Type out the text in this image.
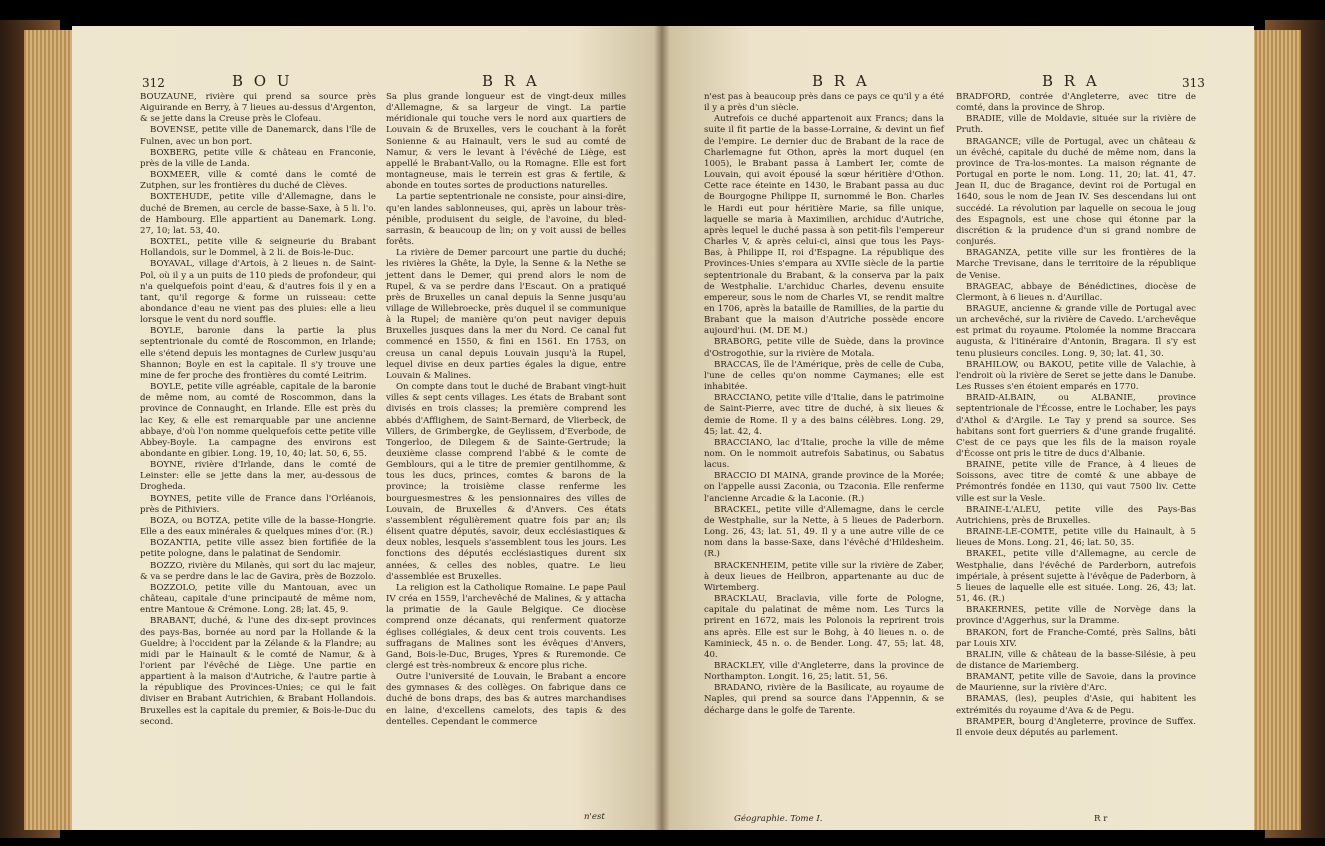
312	B O U	B R A

BOUZAUNE, rivière qui prend sa source près Aiguirande en Berry, à 7 lieues au-dessus d'Argenton, & se jette dans la Creuse près le Clofeau.

BOVENSE, petite ville de Danemarck, dans l'île de Fulnen, avec un bon port.

BOXBERG, petite ville & château en Franconie, près de la ville de Landa.

BOXMEER, ville & comté dans le comté de Zutphen, sur les frontières du duché de Clèves.

BOXTEHUDE, petite ville d'Allemagne, dans le duché de Bremen, au cercle de basse-Saxe, à 5 li. l'o. de Hambourg. Elle appartient au Danemark. Long. 27, 10; lat. 53, 40.

BOXTEL, petite ville & seigneurie du Brabant Hollandois, sur le Dommel, à 2 li. de Bois-le-Duc.

BOYAVAL, village d'Artois, à 2 lieues n. de Saint-Pol, où il y a un puits de 110 pieds de profondeur, qui n'a quelquefois point d'eau, & d'autres fois il y en a tant, qu'il regorge & forme un ruisseau: cette abondance d'eau ne vient pas des pluies: elle a lieu lorsque le vent du nord souffle.

BOYLE, baronie dans la partie la plus septentrionale du comté de Roscommon, en Irlande; elle s'étend depuis les montagnes de Curlew jusqu'au Shannon; Boyle en est la capitale. Il s'y trouve une mine de fer proche des frontières du comté Leitrim.

BOYLE, petite ville agréable, capitale de la baronie de même nom, au comté de Roscommon, dans la province de Connaught, en Irlande. Elle est près du lac Key, & elle est remarquable par une ancienne abbaye, d'où l'on nomme quelquefois cette petite ville Abbey-Boyle. La campagne des environs est abondante en gibier. Long. 19, 10, 40; lat. 50, 6, 55.

BOYNE, rivière d'Irlande, dans le comté de Leinster: elle se jette dans la mer, au-dessous de Drogheda.

BOYNES, petite ville de France dans l'Orléanois, près de Pithiviers.

BOZA, ou BOTZA, petite ville de la basse-Hongrie. Elle a des eaux minérales & quelques mines d'or. (R.)

BOZANTIA, petite ville assez bien fortifiée de la petite pologne, dans le palatinat de Sendomir.

BOZZO, rivière du Milanès, qui sort du lac majeur, & va se perdre dans le lac de Gavira, près de Bozzolo.

BOZZOLO, petite ville du Mantouan, avec un château, capitale d'une principauté de même nom, entre Mantoue & Crémone. Long. 28; lat. 45, 9.

BRABANT, duché, & l'une des dix-sept provinces des pays-Bas, bornée au nord par la Hollande & la Gueldre; à l'occident par la Zélande & la Flandre; au midi par le Hainault & le comté de Namur, & à l'orient par l'évêché de Liège. Une partie en appartient à la maison d'Autriche, & l'autre partie à la république des Provinces-Unies; ce qui le fait diviser en Brabant Autrichien, & Brabant Hollandois. Bruxelles est la capitale du premier, & Bois-le-Duc du second.

Sa plus grande longueur est de vingt-deux milles d'Allemagne, & sa largeur de vingt. La partie méridionale qui touche vers le nord aux quartiers de Louvain & de Bruxelles, vers le couchant à la forêt Sonienne & au Hainault, vers le sud au comté de Namur, & vers le levant à l'évêché de Liège, est appellé le Brabant-Vallo, ou la Romagne. Elle est fort montagneuse, mais le terrein est gras & fertile, & abonde en toutes sortes de productions naturelles.

La partie septentrionale ne consiste, pour ainsi-dire, qu'en landes sablonneuses, qui, après un labour très-pénible, produisent du seigle, de l'avoine, du bled-sarrasin, & beaucoup de lin; on y voit aussi de belles forêts.

La rivière de Demer parcourt une partie du duché; les rivières la Ghête, la Dyle, la Senne & la Nethe se jettent dans le Demer, qui prend alors le nom de Rupel, & va se perdre dans l'Escaut. On a pratiqué près de Bruxelles un canal depuis la Senne jusqu'au village de Willebroecke, près duquel il se communique à la Rupel; de manière qu'on peut naviger depuis Bruxelles jusques dans la mer du Nord. Ce canal fut commencé en 1550, & fini en 1561. En 1753, on creusa un canal depuis Louvain jusqu'à la Rupel, lequel divise en deux parties égales la digue, entre Louvain & Malines.

On compte dans tout le duché de Brabant vingt-huit villes & sept cents villages. Les états de Brabant sont divisés en trois classes; la première comprend les abbés d'Afflighem, de Saint-Bernard, de Vlierbeck, de Villers, de Grimbergke, de Geylissem, d'Everbode, de Tongerloo, de Dilegem & de Sainte-Gertrude; la deuxième classe comprend l'abbé & le comte de Gemblours, qui a le titre de premier gentilhomme, & tous les ducs, princes, comtes & barons de la province; la troisième classe renferme les bourguesmestres & les pensionnaires des villes de Louvain, de Bruxelles & d'Anvers. Ces états s'assemblent régulièrement quatre fois par an; ils élisent quatre députés, savoir, deux ecclésiastiques & deux nobles, lesquels s'assemblent tous les jours. Les fonctions des députés ecclésiastiques durent six années, & celles des nobles, quatre. Le lieu d'assemblée est Bruxelles.

La religion est la Catholique Romaine. Le pape Paul IV créa en 1559, l'archevêché de Malines, & y attacha la primatie de la Gaule Belgique. Ce diocèse comprend onze décanats, qui renferment quatorze églises collégiales, & deux cent trois couvents. Les suffragans de Malines sont les évêques d'Anvers, Gand, Bois-le-Duc, Bruges, Ypres & Ruremonde. Ce clergé est très-nombreux & encore plus riche.

Outre l'université de Louvain, le Brabant a encore des gymnases & des collèges. On fabrique dans ce duché de bons draps, des bas & autres marchandises en laine, d'excellens camelots, des tapis & des dentelles. Cependant le commerce

n'est
B R A	B R A	313

n'est pas à beaucoup près dans ce pays ce qu'il y a été il y a près d'un siècle.

Autrefois ce duché appartenoit aux Francs; dans la suite il fit partie de la basse-Lorraine, & devint un fief de l'empire. Le dernier duc de Brabant de la race de Charlemagne fut Othon, après la mort duquel (en 1005), le Brabant passa à Lambert Ier, comte de Louvain, qui avoit épousé la sœur héritière d'Othon. Cette race éteinte en 1430, le Brabant passa au duc de Bourgogne Philippe II, surnommé le Bon. Charles le Hardi eut pour héritière Marie, sa fille unique, laquelle se maria à Maximilien, archiduc d'Autriche, après lequel le duché passa à son petit-fils l'empereur Charles V, & après celui-ci, ainsi que tous les Pays-Bas, à Philippe II, roi d'Espagne. La république des Provinces-Unies s'empara au XVIIe siècle de la partie septentrionale du Brabant, & la conserva par la paix de Westphalie. L'archiduc Charles, devenu ensuite empereur, sous le nom de Charles VI, se rendit maître en 1706, après la bataille de Ramillies, de la partie du Brabant que la maison d'Autriche possède encore aujourd'hui. (M. DE M.)

BRABORG, petite ville de Suède, dans la province d'Ostrogothie, sur la rivière de Motala.

BRACCAS, île de l'Amérique, près de celle de Cuba, l'une de celles qu'on nomme Caymanes; elle est inhabitée.

BRACCIANO, petite ville d'Italie, dans le patrimoine de Saint-Pierre, avec titre de duché, à six lieues & demie de Rome. Il y a des bains célèbres. Long. 29, 45; lat. 42, 4.

BRACCIANO, lac d'Italie, proche la ville de même nom. On le nommoit autrefois Sabatinus, ou Sabatus lacus.

BRACCIO DI MAINA, grande province de la Morée; on l'appelle aussi Zaconia, ou Tzaconia. Elle renferme l'ancienne Arcadie & la Laconie. (R.)

BRACKEL, petite ville d'Allemagne, dans le cercle de Westphalie, sur la Nette, à 5 lieues de Paderborn. Long. 26, 43; lat. 51, 49. Il y a une autre ville de ce nom dans la basse-Saxe, dans l'évêché d'Hildesheim. (R.)

BRACKENHEIM, petite ville sur la rivière de Zaber, à deux lieues de Heilbron, appartenante au duc de Wirtemberg.

BRACKLAU, Braclavia, ville forte de Pologne, capitale du palatinat de même nom. Les Turcs la prirent en 1672, mais les Polonois la reprirent trois ans après. Elle est sur le Bohg, à 40 lieues n. o. de Kaminieck, 45 n. o. de Bender. Long. 47, 55; lat. 48, 40.

BRACKLEY, ville d'Angleterre, dans la province de Northampton. Longit. 16, 25; latit. 51, 56.

BRADANO, rivière de la Basilicate, au royaume de Naples, qui prend sa source dans l'Appennin, & se décharge dans le golfe de Tarente.

BRADFORD, contrée d'Angleterre, avec titre de comté, dans la province de Shrop.

BRADIE, ville de Moldavie, située sur la rivière de Pruth.

BRAGANCE; ville de Portugal, avec un château & un évêché, capitale du duché de même nom, dans la province de Tra-los-montes. La maison régnante de Portugal en porte le nom. Long. 11, 20; lat. 41, 47. Jean II, duc de Bragance, devint roi de Portugal en 1640, sous le nom de Jean IV. Ses descendans lui ont succédé. La révolution par laquelle on secoua le joug des Espagnols, est une chose qui étonne par la discrétion & la prudence d'un si grand nombre de conjurés.

BRAGANZA, petite ville sur les frontières de la Marche Trevisane, dans le territoire de la république de Venise.

BRAGEAC, abbaye de Bénédictines, diocèse de Clermont, à 6 lieues n. d'Aurillac.

BRAGUE, ancienne & grande ville de Portugal avec un archevêché, sur la rivière de Cavedo. L'archevêque est primat du royaume. Ptolomée la nomme Braccara augusta, & l'itinéraire d'Antonin, Bragara. Il s'y est tenu plusieurs conciles. Long. 9, 30; lat. 41, 30.

BRAHILOW, ou BAKOU, petite ville de Valachie, à l'endroit où la rivière de Seret se jette dans le Danube. Les Russes s'en étoient emparés en 1770.

BRAID-ALBAIN, ou ALBANIE, province septentrionale de l'Écosse, entre le Lochaber, les pays d'Athol & d'Argile. Le Tay y prend sa source. Ses habitans sont fort guerriers & d'une grande frugalité. C'est de ce pays que les fils de la maison royale d'Écosse ont pris le titre de ducs d'Albanie.

BRAINE, petite ville de France, à 4 lieues de Soissons, avec titre de comté & une abbaye de Prémontrés fondée en 1130, qui vaut 7500 liv. Cette ville est sur la Vesle.

BRAINE-L'ALEU, petite ville des Pays-Bas Autrichiens, près de Bruxelles.

BRAINE-LE-COMTE, petite ville du Hainault, à 5 lieues de Mons. Long. 21, 46; lat. 50, 35.

BRAKEL, petite ville d'Allemagne, au cercle de Westphalie, dans l'évêché de Parderborn, autrefois impériale, à présent sujette à l'évêque de Paderborn, à 5 lieues de laquelle elle est située. Long. 26, 43; lat. 51, 46. (R.)

BRAKERNES, petite ville de Norvège dans la province d'Aggerhus, sur la Dramme.

BRAKON, fort de Franche-Comté, près Salins, bâti par Louis XIV.

BRALIN, ville & château de la basse-Silésie, à peu de distance de Mariemberg.

BRAMANT, petite ville de Savoie, dans la province de Maurienne, sur la rivière d'Arc.

BRAMAS, (les), peuples d'Asie, qui habitent les extrémités du royaume d'Ava & de Pegu.

BRAMPER, bourg d'Angleterre, province de Suffex. Il envoie deux députés au parlement.

Géographie. Tome I.	R r
